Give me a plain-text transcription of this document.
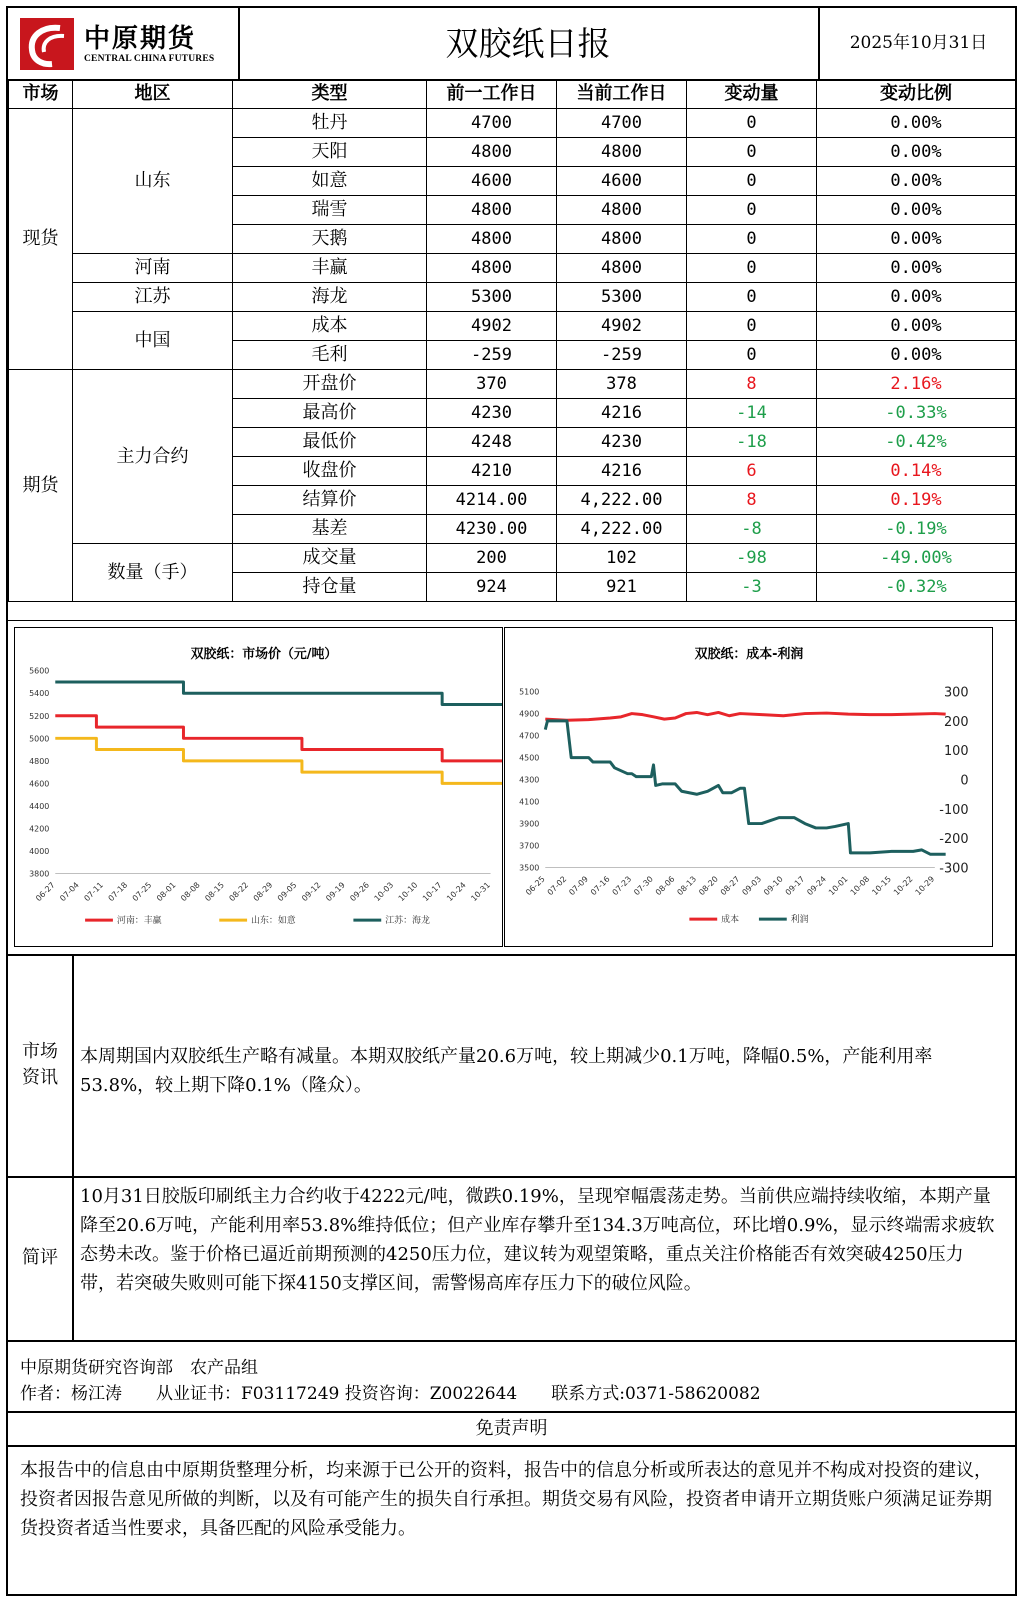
中原期货
CENTRAL CHINA FUTURES	双胶纸日报	2025年10月31日
市场	地区	类型	前一工作日	当前工作日	变动量	变动比例
现货	山东	牡丹	4700	4700	0	0.00%
		天阳	4800	4800	0	0.00%
		如意	4600	4600	0	0.00%
		瑞雪	4800	4800	0	0.00%
		天鹅	4800	4800	0	0.00%
	河南	丰赢	4800	4800	0	0.00%
	江苏	海龙	5300	5300	0	0.00%
	中国	成本	4902	4902	0	0.00%
		毛利	-259	-259	0	0.00%
期货	主力合约	开盘价	370	378	8	2.16%
		最高价	4230	4216	-14	-0.33%
		最低价	4248	4230	-18	-0.42%
		收盘价	4210	4216	6	0.14%
		结算价	4214.00	4,222.00	8	0.19%
		基差	4230.00	4,222.00	-8	-0.19%
	数量（手）	成交量	200	102	-98	-49.00%
		持仓量	924	921	-3	-0.32%
双胶纸：市场价（元/吨）
3800
4000
4200
4400
4600
4800
5000
5200
5400
5600
06-27 07-04 07-11 07-18 07-25 08-01 08-08 08-15 08-22 08-29 09-05 09-12 09-19 09-26 10-03 10-10 10-17 10-24 10-31
河南：丰赢	山东：如意	江苏：海龙
双胶纸：成本-利润
3500
3700
3900
4100
4300
4500
4700
4900
5100
-300
-200
-100
0
100
200
300
06-25
07-02
07-09
07-16
07-23
07-30
08-06
08-13
08-20
08-27
09-03
09-10
09-17
09-24
10-01
10-08
10-15
10-22
10-29
成本	利润
市场资讯
本周期国内双胶纸生产略有减量。本期双胶纸产量20.6万吨，较上期减少0.1万吨，降幅0.5%，产能利用率53.8%，较上期下降0.1%（隆众）。
简评
10月31日胶版印刷纸主力合约收于4222元/吨，微跌0.19%，呈现窄幅震荡走势。当前供应端持续收缩，本期产量降至20.6万吨，产能利用率53.8%维持低位；但产业库存攀升至134.3万吨高位，环比增0.9%，显示终端需求疲软态势未改。鉴于价格已逼近前期预测的4250压力位，建议转为观望策略，重点关注价格能否有效突破4250压力带，若突破失败则可能下探4150支撑区间，需警惕高库存压力下的破位风险。
中原期货研究咨询部　农产品组
作者：杨江涛　　从业证书：F03117249 投资咨询：Z0022644　　联系方式:0371-58620082
免责声明
本报告中的信息由中原期货整理分析，均来源于已公开的资料，报告中的信息分析或所表达的意见并不构成对投资的建议，投资者因报告意见所做的判断，以及有可能产生的损失自行承担。期货交易有风险，投资者申请开立期货账户须满足证券期货投资者适当性要求，具备匹配的风险承受能力。
